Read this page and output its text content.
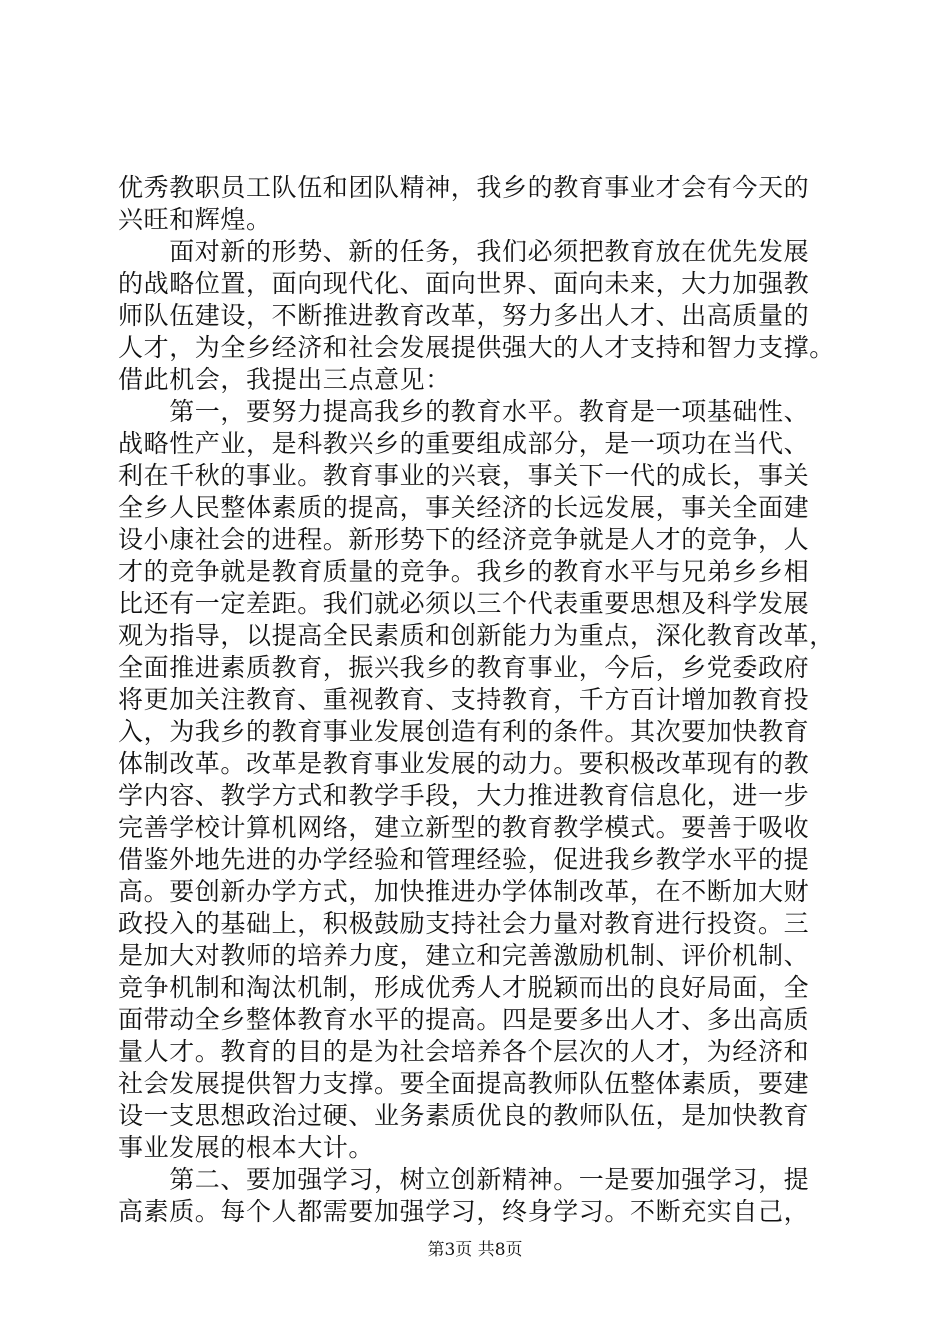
优秀教职员工队伍和团队精神，我乡的教育事业才会有今天的
兴旺和辉煌。
　　面对新的形势、新的任务，我们必须把教育放在优先发展
的战略位置，面向现代化、面向世界、面向未来，大力加强教
师队伍建设，不断推进教育改革，努力多出人才、出高质量的
人才，为全乡经济和社会发展提供强大的人才支持和智力支撑。
借此机会，我提出三点意见：
　　第一，要努力提高我乡的教育水平。教育是一项基础性、
战略性产业，是科教兴乡的重要组成部分，是一项功在当代、
利在千秋的事业。教育事业的兴衰，事关下一代的成长，事关
全乡人民整体素质的提高，事关经济的长远发展，事关全面建
设小康社会的进程。新形势下的经济竞争就是人才的竞争，人
才的竞争就是教育质量的竞争。我乡的教育水平与兄弟乡乡相
比还有一定差距。我们就必须以三个代表重要思想及科学发展
观为指导，以提高全民素质和创新能力为重点，深化教育改革，
全面推进素质教育，振兴我乡的教育事业，今后，乡党委政府
将更加关注教育、重视教育、支持教育，千方百计增加教育投
入，为我乡的教育事业发展创造有利的条件。其次要加快教育
体制改革。改革是教育事业发展的动力。要积极改革现有的教
学内容、教学方式和教学手段，大力推进教育信息化，进一步
完善学校计算机网络，建立新型的教育教学模式。要善于吸收
借鉴外地先进的办学经验和管理经验，促进我乡教学水平的提
高。要创新办学方式，加快推进办学体制改革，在不断加大财
政投入的基础上，积极鼓励支持社会力量对教育进行投资。三
是加大对教师的培养力度，建立和完善激励机制、评价机制、
竞争机制和淘汰机制，形成优秀人才脱颖而出的良好局面，全
面带动全乡整体教育水平的提高。四是要多出人才、多出高质
量人才。教育的目的是为社会培养各个层次的人才，为经济和
社会发展提供智力支撑。要全面提高教师队伍整体素质，要建
设一支思想政治过硬、业务素质优良的教师队伍，是加快教育
事业发展的根本大计。
　　第二、要加强学习，树立创新精神。一是要加强学习，提
高素质。每个人都需要加强学习，终身学习。不断充实自己，
第3页 共8页
